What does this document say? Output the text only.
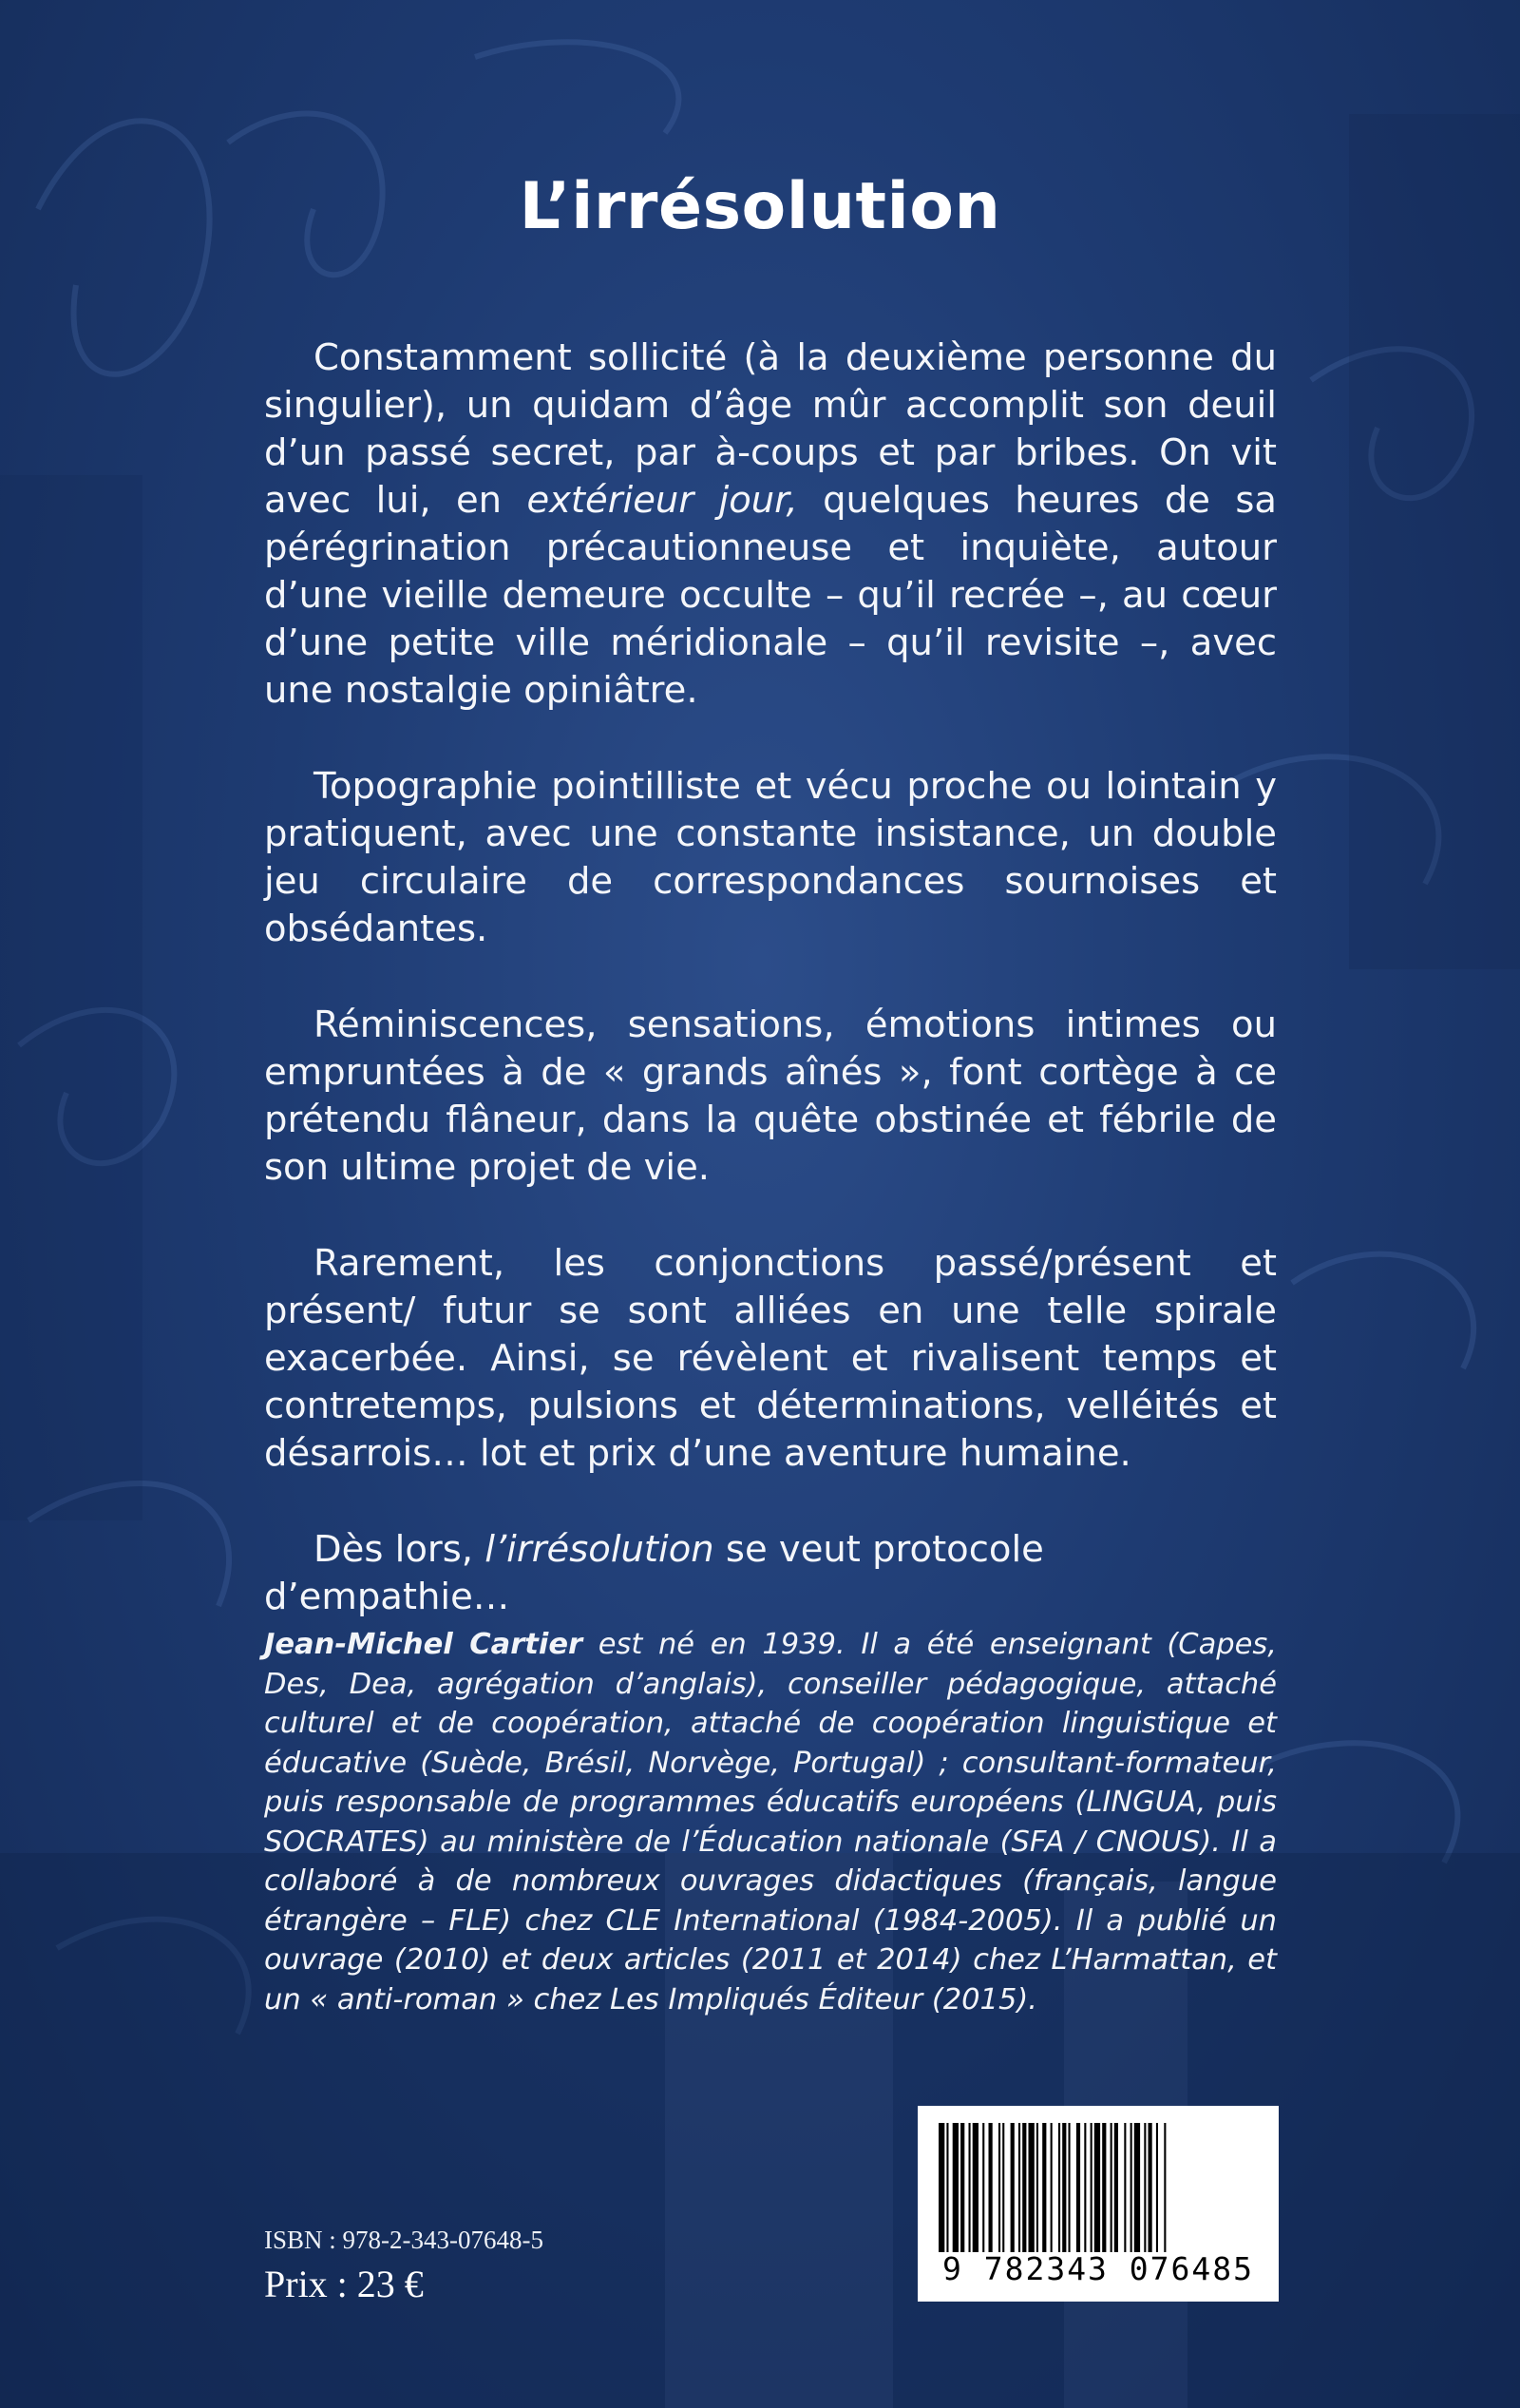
L’irrésolution

Constamment sollicité (à la deuxième personne du singulier), un quidam d’âge mûr accomplit son deuil d’un passé secret, par à-coups et par bribes. On vit avec lui, en extérieur jour, quelques heures de sa pérégrination précautionneuse et inquiète, autour d’une vieille demeure occulte – qu’il recrée –, au cœur d’une petite ville méridionale – qu’il revisite –, avec une nostalgie opiniâtre.

Topographie pointilliste et vécu proche ou lointain y pratiquent, avec une constante insistance, un double jeu circulaire de correspondances sournoises et obsédantes.

Réminiscences, sensations, émotions intimes ou empruntées à de « grands aînés », font cortège à ce prétendu flâneur, dans la quête obstinée et fébrile de son ultime projet de vie.

Rarement, les conjonctions passé/présent et présent/ futur se sont alliées en une telle spirale exacerbée. Ainsi, se révèlent et rivalisent temps et contretemps, pulsions et déterminations, velléités et désarrois… lot et prix d’une aventure humaine.

Dès lors, l’irrésolution se veut protocole d’empathie…

Jean-Michel Cartier est né en 1939. Il a été enseignant (Capes, Des, Dea, agrégation d’anglais), conseiller pédagogique, attaché culturel et de coopération, attaché de coopération linguistique et éducative (Suède, Brésil, Norvège, Portugal) ; consultant-formateur, puis responsable de programmes éducatifs européens (LINGUA, puis SOCRATES) au ministère de l’Éducation nationale (SFA / CNOUS). Il a collaboré à de nombreux ouvrages didactiques (français, langue étrangère – FLE) chez CLE International (1984-2005). Il a publié un ouvrage (2010) et deux articles (2011 et 2014) chez L’Harmattan, et un « anti-roman » chez Les Impliqués Éditeur (2015).

ISBN : 978-2-343-07648-5
Prix : 23 €	9 782343 076485
